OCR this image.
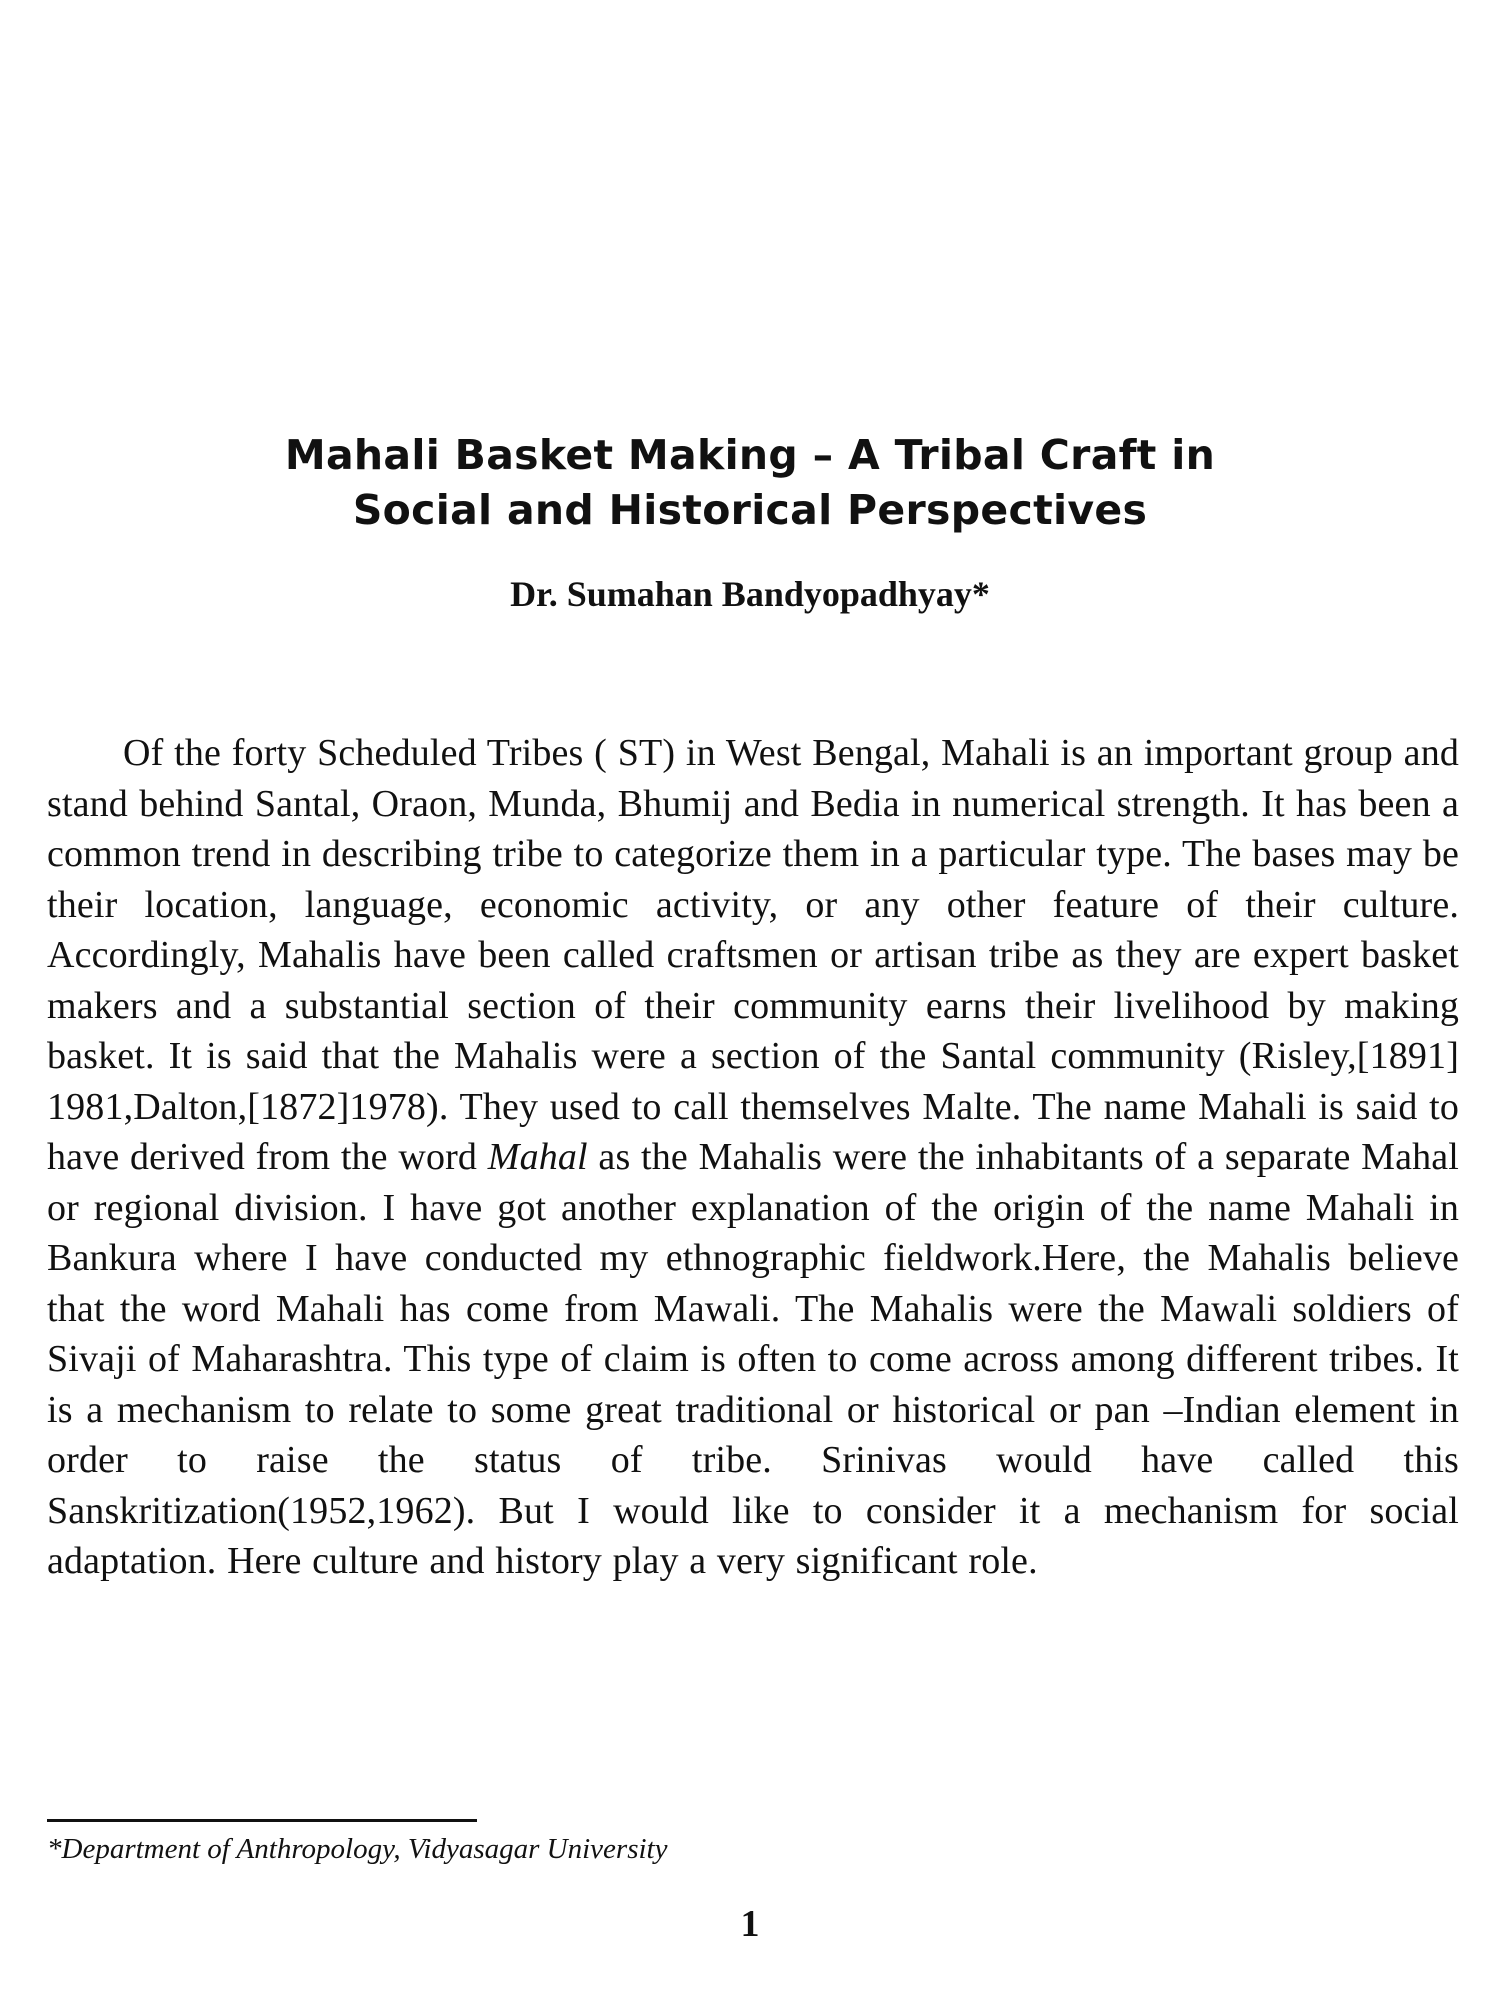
Mahali Basket Making – A Tribal Craft in
Social and Historical Perspectives
Dr. Sumahan Bandyopadhyay*

Of the forty Scheduled Tribes ( ST) in West Bengal, Mahali is an important group and stand behind Santal, Oraon, Munda, Bhumij and Bedia in numerical strength. It has been a common trend in describing tribe to categorize them in a particular type. The bases may be their location, language, economic activity, or any other feature of their culture. Accordingly, Mahalis have been called craftsmen or artisan tribe as they are expert basket makers and a substantial section of their community earns their livelihood by making basket. It is said that the Mahalis were a section of the Santal community (Risley,[1891] 1981,Dalton,[1872]1978). They used to call themselves Malte. The name Mahali is said to have derived from the word Mahal as the Mahalis were the inhabitants of a separate Mahal or regional division. I have got another explanation of the origin of the name Mahali in Bankura where I have conducted my ethnographic fieldwork.Here, the Mahalis believe that the word Mahali has come from Mawali. The Mahalis were the Mawali soldiers of Sivaji of Maharashtra. This type of claim is often to come across among different tribes. It is a mechanism to relate to some great traditional or historical or pan –Indian element in order to raise the status of tribe. Srinivas would have called this Sanskritization(1952,1962). But I would like to consider it a mechanism for social adaptation. Here culture and history play a very significant role.

*Department of Anthropology, Vidyasagar University
1
